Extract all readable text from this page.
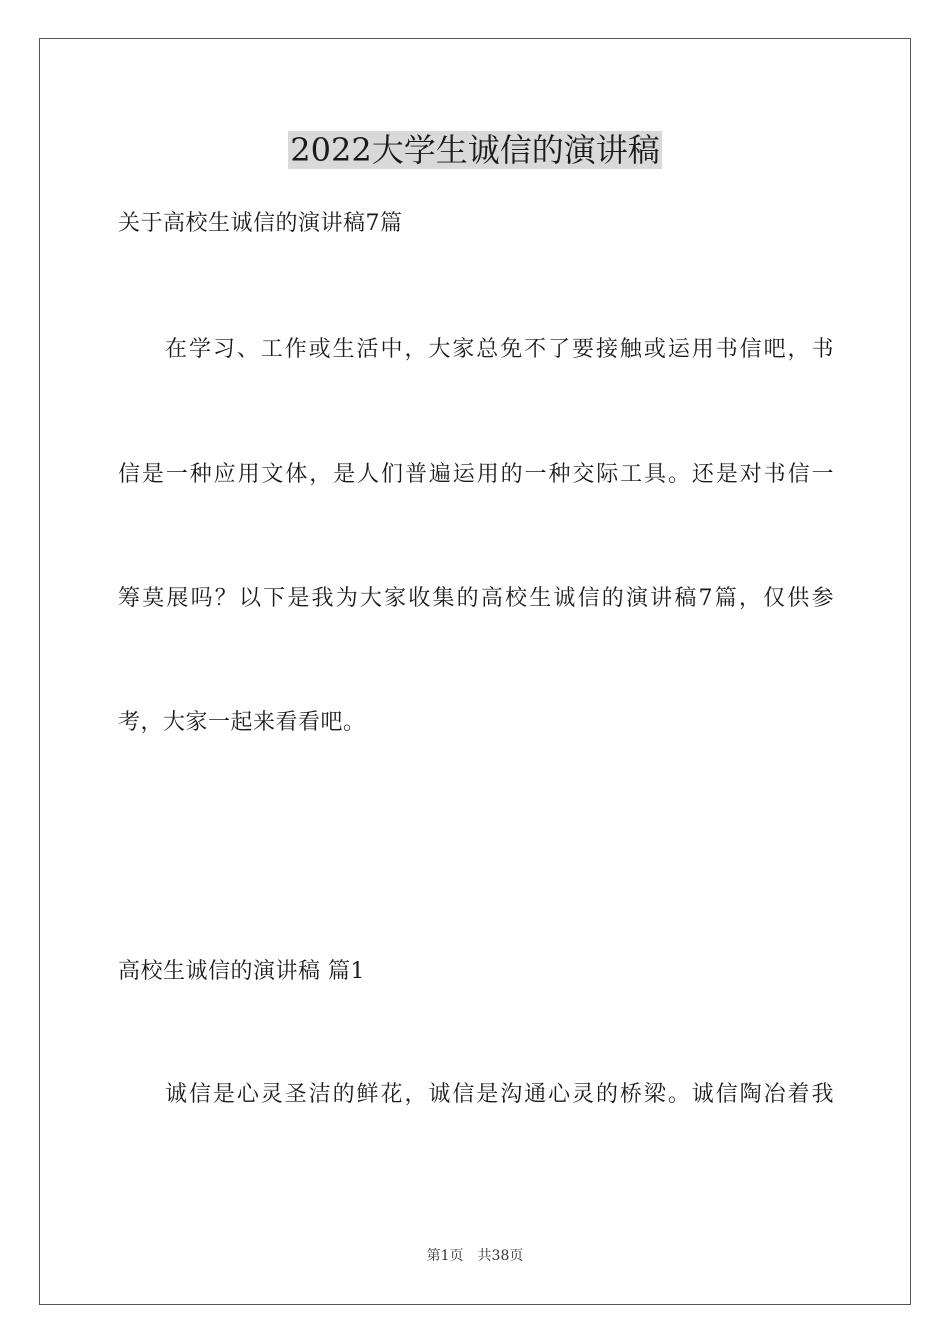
2022大学生诚信的演讲稿
关于高校生诚信的演讲稿7篇
在学习、工作或生活中，大家总免不了要接触或运用书信吧，书
信是一种应用文体，是人们普遍运用的一种交际工具。还是对书信一
筹莫展吗？以下是我为大家收集的高校生诚信的演讲稿7篇，仅供参
考，大家一起来看看吧。
高校生诚信的演讲稿 篇1
诚信是心灵圣洁的鲜花，诚信是沟通心灵的桥梁。诚信陶冶着我
第1页　共38页
